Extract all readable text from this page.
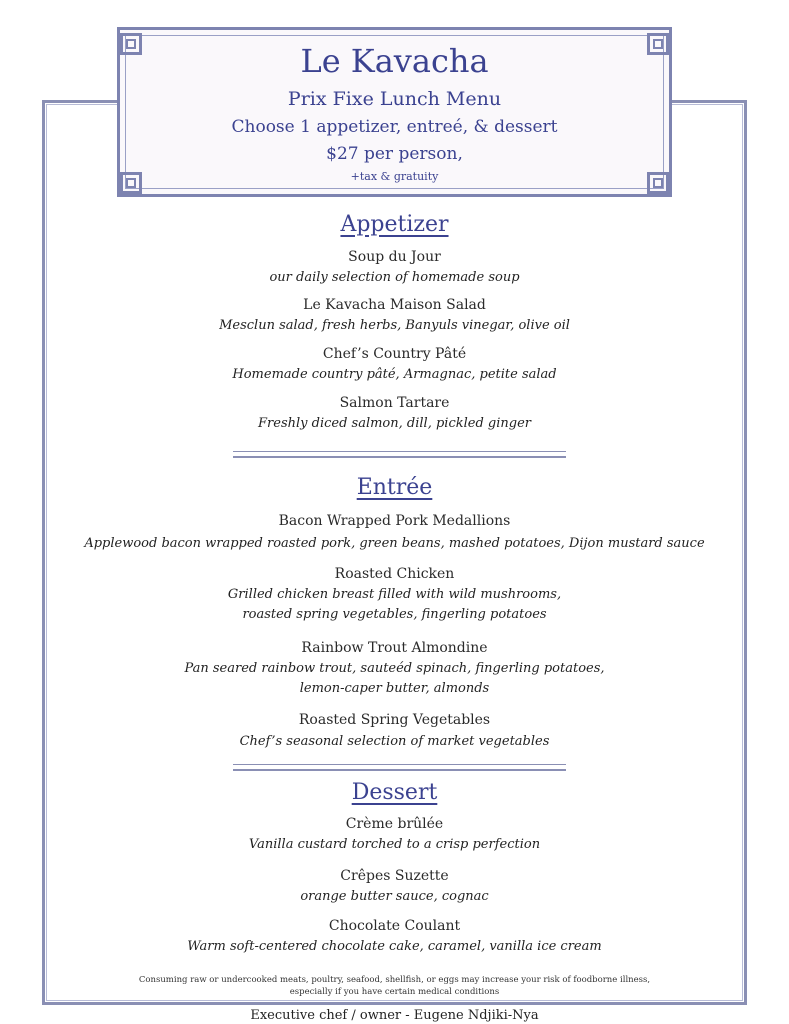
Le Kavacha
Prix Fixe Lunch Menu
Choose 1 appetizer, entreé, & dessert
$27 per person,
+tax & gratuity
Appetizer
Soup du Jour
our daily selection of homemade soup
Le Kavacha Maison Salad
Mesclun salad, fresh herbs, Banyuls vinegar, olive oil
Chef’s Country Pâté
Homemade country pâté, Armagnac, petite salad
Salmon Tartare
Freshly diced salmon, dill, pickled ginger
Entrée
Bacon Wrapped Pork Medallions
Applewood bacon wrapped roasted pork, green beans, mashed potatoes, Dijon mustard sauce
Roasted Chicken
Grilled chicken breast filled with wild mushrooms,
roasted spring vegetables, fingerling potatoes
Rainbow Trout Almondine
Pan seared rainbow trout, sauteéd spinach, fingerling potatoes,
lemon-caper butter, almonds
Roasted Spring Vegetables
Chef’s seasonal selection of market vegetables
Dessert
Crème brûlée
Vanilla custard torched to a crisp perfection
Crêpes Suzette
orange butter sauce, cognac
Chocolate Coulant
Warm soft-centered chocolate cake, caramel, vanilla ice cream
Consuming raw or undercooked meats, poultry, seafood, shellfish, or eggs may increase your risk of foodborne illness,
especially if you have certain medical conditions
Executive chef / owner - Eugene Ndjiki-Nya
